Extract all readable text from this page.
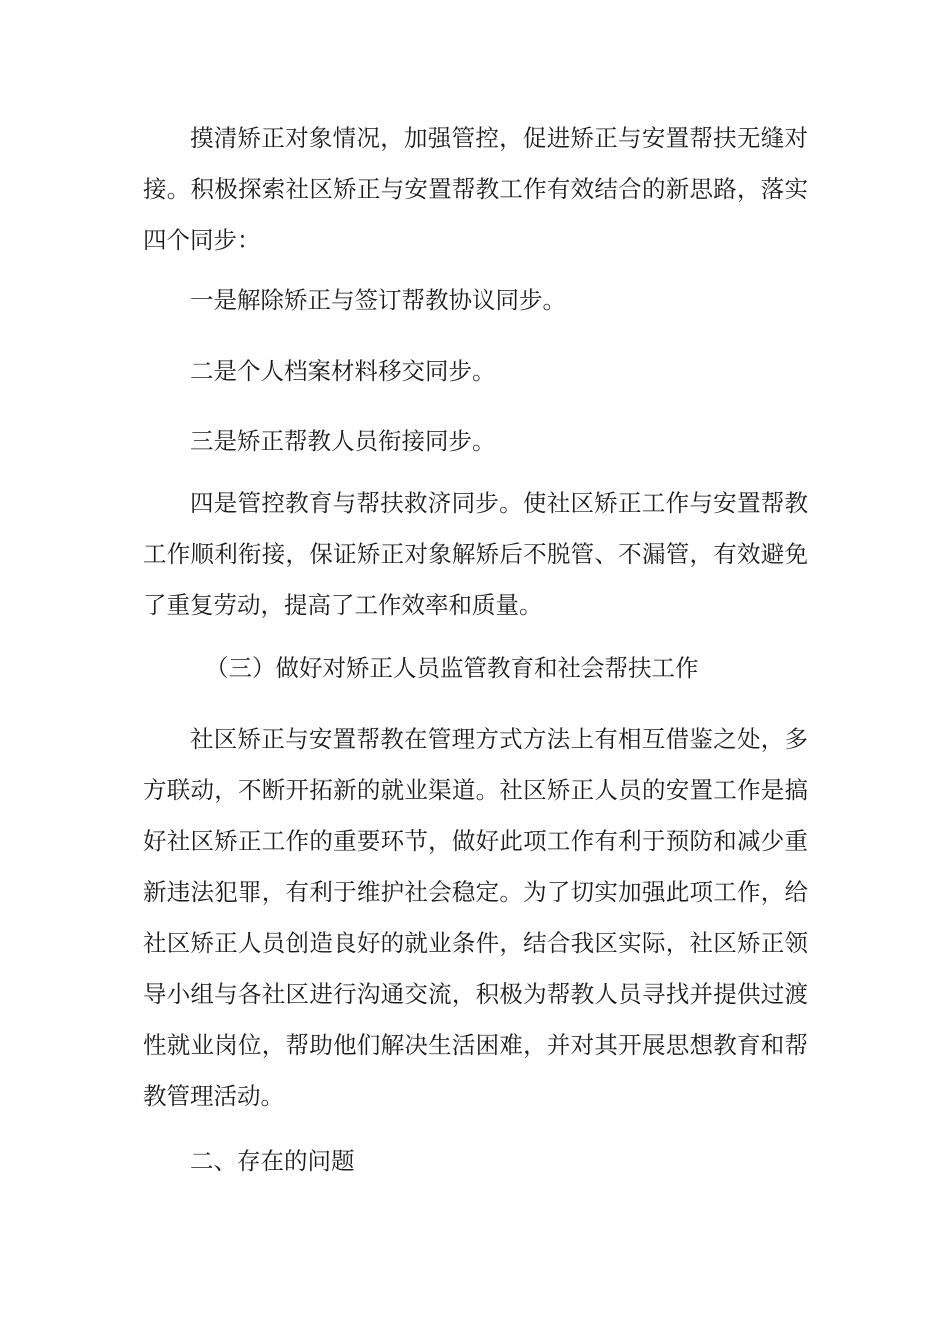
摸清矫正对象情况，加强管控，促进矫正与安置帮扶无缝对接。积极探索社区矫正与安置帮教工作有效结合的新思路，落实四个同步：

一是解除矫正与签订帮教协议同步。

二是个人档案材料移交同步。

三是矫正帮教人员衔接同步。

四是管控教育与帮扶救济同步。使社区矫正工作与安置帮教工作顺利衔接，保证矫正对象解矫后不脱管、不漏管，有效避免了重复劳动，提高了工作效率和质量。

（三）做好对矫正人员监管教育和社会帮扶工作

社区矫正与安置帮教在管理方式方法上有相互借鉴之处，多方联动，不断开拓新的就业渠道。社区矫正人员的安置工作是搞好社区矫正工作的重要环节，做好此项工作有利于预防和减少重新违法犯罪，有利于维护社会稳定。为了切实加强此项工作，给社区矫正人员创造良好的就业条件，结合我区实际，社区矫正领导小组与各社区进行沟通交流，积极为帮教人员寻找并提供过渡性就业岗位，帮助他们解决生活困难，并对其开展思想教育和帮教管理活动。

二、存在的问题
